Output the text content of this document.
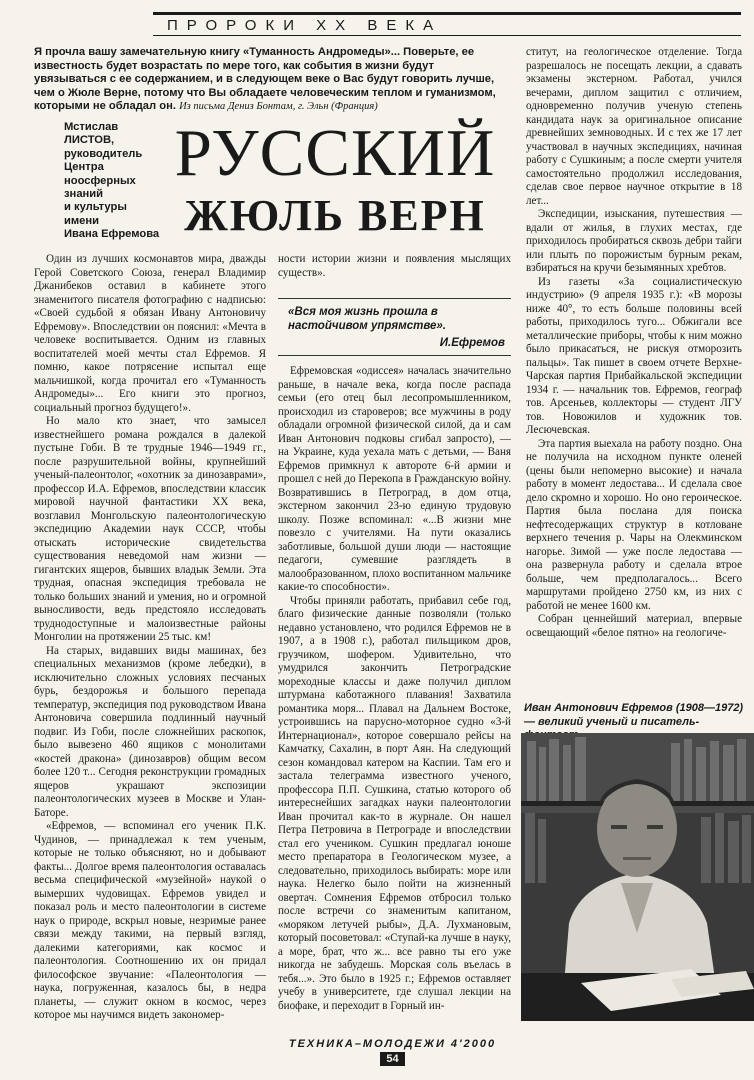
ПРОРОКИ XX ВЕКА

Я прочла вашу замечательную книгу «Туманность Андромеды»... Поверьте, ее известность будет возрастать по мере того, как события в жизни будут увязываться с ее содержанием, и в следующем веке о Вас будут говорить лучше, чем о Жюле Верне, потому что Вы обладаете человеческим теплом и гуманизмом, которыми не обладал он. Из письма Дениз Бонтам, г. Эльн (Франция)

Мстислав
ЛИСТОВ,
руководитель
Центра
ноосферных
знаний
и культуры
имени
Ивана Ефремова
РУССКИЙ
ЖЮЛЬ ВЕРН

Один из лучших космонавтов мира, дважды Герой Советского Союза, генерал Владимир Джанибеков оставил в кабинете этого знаменитого писателя фотографию с надписью: «Своей судьбой я обязан Ивану Антоновичу Ефремову». Впоследствии он пояснил: «Мечта в человеке воспитывается. Одним из главных воспитателей моей мечты стал Ефремов. Я помню, какое потрясение испытал еще мальчишкой, когда прочитал его «Туманность Андромеды»... Его книги это прогноз, социальный прогноз будущего!».

Но мало кто знает, что замысел известнейшего романа рождался в далекой пустыне Гоби. В те трудные 1946—1949 гг., после разрушительной войны, крупнейший ученый-палеонтолог, «охотник за динозаврами», профессор И.А. Ефремов, впоследствии классик мировой научной фантастики XX века, возглавил Монгольскую палеонтологическую экспедицию Академии наук СССР, чтобы отыскать исторические свидетельства существования неведомой нам жизни — гигантских ящеров, бывших владык Земли. Эта трудная, опасная экспедиция требовала не только больших знаний и умения, но и огромной выносливости, ведь предстояло исследовать труднодоступные и малоизвестные районы Монголии на протяжении 25 тыс. км!

На старых, видавших виды машинах, без специальных механизмов (кроме лебедки), в исключительно сложных условиях песчаных бурь, бездорожья и большого перепада температур, экспедиция под руководством Ивана Антоновича совершила подлинный научный подвиг. Из Гоби, после сложнейших раскопок, было вывезено 460 ящиков с монолитами «костей дракона» (динозавров) общим весом более 120 т... Сегодня реконструкции громадных ящеров украшают экспозиции палеонтологических музеев в Москве и Улан-Баторе.

«Ефремов, — вспоминал его ученик П.К. Чудинов, — принадлежал к тем ученым, которые не только объясняют, но и добывают факты... Долгое время палеонтология оставалась весьма специфической «музейной» наукой о вымерших чудовищах. Ефремов увидел и показал роль и место палеонтологии в системе наук о природе, вскрыл новые, незримые ранее связи между такими, на первый взгляд, далекими категориями, как космос и палеонтология. Соотношению их он придал философское звучание: «Палеонтология — наука, погруженная, казалось бы, в недра планеты, — служит окном в космос, через которое мы научимся видеть закономер-

ности истории жизни и появления мыслящих существ».

«Вся моя жизнь прошла в настойчивом упрямстве».
И.Ефремов

Ефремовская «одиссея» началась значительно раньше, в начале века, когда после распада семьи (его отец был лесопромышленником, происходил из староверов; все мужчины в роду обладали огромной физической силой, да и сам Иван Антонович подковы сгибал запросто), — на Украине, куда уехала мать с детьми, — Ваня Ефремов примкнул к автороте 6-й армии и прошел с ней до Перекопа в Гражданскую войну. Возвратившись в Петроград, в дом отца, экстерном закончил 23-ю единую трудовую школу. Позже вспоминал: «...В жизни мне повезло с учителями. На пути оказались заботливые, большой души люди — настоящие педагоги, сумевшие разглядеть в малообразованном, плохо воспитанном мальчике какие-то способности».

Чтобы приняли работать, прибавил себе год, благо физические данные позволяли (только недавно установлено, что родился Ефремов не в 1907, а в 1908 г.), работал пильщиком дров, грузчиком, шофером. Удивительно, что умудрился закончить Петроградские мореходные классы и даже получил диплом штурмана каботажного плавания! Захватила романтика моря... Плавал на Дальнем Востоке, устроившись на парусно-моторное судно «3-й Интернационал», которое совершало рейсы на Камчатку, Сахалин, в порт Аян. На следующий сезон командовал катером на Каспии. Там его и застала телеграмма известного ученого, профессора П.П. Сушкина, статью которого об интереснейших загадках науки палеонтологии Иван прочитал как-то в журнале. Он нашел Петра Петровича в Петрограде и впоследствии стал его учеником. Сушкин предлагал юноше место препаратора в Геологическом музее, а следовательно, приходилось выбирать: море или наука. Нелегко было пойти на жизненный овертач. Сомнения Ефремов отбросил только после встречи со знаменитым капитаном, «моряком летучей рыбы», Д.А. Лухмановым, который посоветовал: «Ступай-ка лучше в науку, а море, брат, что ж... все равно ты его уже никогда не забудешь. Морская соль въелась в тебя...». Это было в 1925 г.; Ефремов оставляет учебу в университете, где слушал лекции на биофаке, и переходит в Горный ин-

ститут, на геологическое отделение. Тогда разрешалось не посещать лекции, а сдавать экзамены экстерном. Работал, учился вечерами, диплом защитил с отличием, одновременно получив ученую степень кандидата наук за оригинальное описание древнейших земноводных. И с тех же 17 лет участвовал в научных экспедициях, начиная работу с Сушкиным; а после смерти учителя самостоятельно продолжил исследования, сделав свое первое научное открытие в 18 лет...

Экспедиции, изыскания, путешествия — вдали от жилья, в глухих местах, где приходилось пробираться сквозь дебри тайги или плыть по порожистым бурным рекам, взбираться на кручи безымянных хребтов.

Из газеты «За социалистическую индустрию» (9 апреля 1935 г.): «В морозы ниже 40°, то есть больше половины всей работы, приходилось туго... Обжигали все металлические приборы, чтобы к ним можно было прикасаться, не рискуя отморозить пальцы». Так пишет в своем отчете Верхне-Чарская партия Прибайкальской экспедиции 1934 г. — начальник тов. Ефремов, географ тов. Арсеньев, коллекторы — студент ЛГУ тов. Новожилов и художник тов. Лесючевская.

Эта партия выехала на работу поздно. Она не получила на исходном пункте оленей (цены были непомерно высокие) и начала работу в момент ледостава... И сделала свое дело скромно и хорошо. Но оно героическое. Партия была послана для поиска нефтесодержащих структур в котловане верхнего течения р. Чары на Олекминском нагорье. Зимой — уже после ледостава — она развернула работу и сделала втрое больше, чем предполагалось... Всего маршрутами пройдено 2750 км, из них с работой не менее 1600 км.

Собран ценнейший материал, впервые освещающий «белое пятно» на геологиче-

Иван Антонович Ефремов (1908—1972) — великий ученый и писатель-
ТЕХНИКА–МОЛОДЕЖИ 4'2000
54
